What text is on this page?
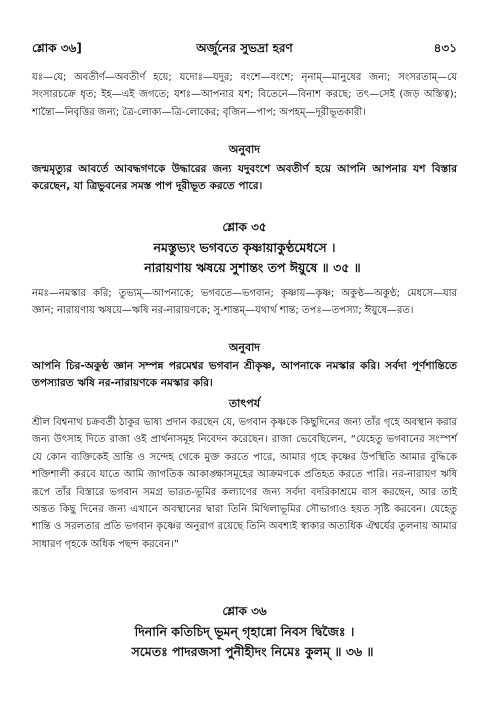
শ্লোক ৩৬]	অর্জুনের সুভদ্রা হরণ	৪৩১
যঃ—যে; অবতীর্ণ—অবতীর্ণ হয়ে; যদোঃ—যদুর; বংশে—বংশে; নৃনাম্—মানুষের জন্য; সংসরতাম্—যে সংসারচক্রে ধৃত; ইহ—এই জগতে; যশঃ—আপনার যশ; বিতেনে—বিনাশ করছে; তৎ—সেই (জড় অস্তিত্ব); শান্ত্যৈ—নিবৃত্তির জন্য; ত্রৈ-লোক্য—ত্রি-লোকের; বৃজিন—পাপ; অপহম্—দূরীভূতকারী।
অনুবাদ
জন্মমৃত্যুর আবর্তে আবদ্ধগণকে উদ্ধারের জন্য যদুবংশে অবতীর্ণ হয়ে আপনি আপনার যশ বিস্তার করেছেন, যা ত্রিভুবনের সমস্ত পাপ দূরীভূত করতে পারে।
শ্লোক ৩৫
নমস্তুভ্যং ভগবতে কৃষ্ণায়াকুণ্ঠমেধসে ।
নারায়ণায় ঋষয়ে সুশান্তং তপ ঈয়ুষে ॥ ৩৫ ॥
নমঃ—নমস্কার করি; তুভ্যম্—আপনাকে; ভগবতে—ভগবান; কৃষ্ণায়—কৃষ্ণ; অকুণ্ঠ—অকুণ্ঠ; মেধসে—যার জ্ঞান; নারায়ণায় ঋষয়ে—ঋষি নর-নারায়ণকে; সু-শান্তম্—যথার্থ শান্ত; তপঃ—তপস্যা; ঈয়ুষে—রত।
অনুবাদ
আপনি চির-অকুণ্ঠ জ্ঞান সম্পন্ন পরমেশ্বর ভগবান শ্রীকৃষ্ণ, আপনাকে নমস্কার করি। সর্বদা পূর্ণশান্তিতে তপস্যারত ঋষি নর-নারায়ণকে নমস্কার করি।
তাৎপর্য
শ্রীল বিশ্বনাথ চক্রবর্তী ঠাকুর ভাষ্য প্রদান করছেন যে, ভগবান কৃষ্ণকে কিছুদিনের জন্য তাঁর গৃহে অবস্থান করার জন্য উৎসাহ দিতে রাজা ওই প্রার্থনাসমূহ নিবেদন করেছেন। রাজা ভেবেছিলেন, “যেহেতু ভগবানের সংস্পর্শ যে কোন ব্যক্তিকেই ভ্রান্তি ও সন্দেহ থেকে মুক্ত করতে পারে, আমার গৃহে কৃষ্ণের উপস্থিতি আমার বুদ্ধিকে শক্তিশালী করবে যাতে আমি জাগতিক আকাঙ্ক্ষাসমূহের আক্রমণকে প্রতিহত করতে পারি। নর-নারায়ণ ঋষি রূপে তাঁর বিস্তারে ভগবান সমগ্র ভারত-ভূমির কল্যাণের জন্য সর্বদা বদরিকাশ্রমে বাস করছেন, আর তাই অন্তত কিছু দিনের জন্য এখানে অবস্থানের দ্বারা তিনি মিথিলাভূমির সৌভাগ্যও হয়ত সৃষ্টি করবেন। যেহেতু শান্তি ও সরলতার প্রতি ভগবান কৃষ্ণের অনুরাগ রয়েছে তিনি অবশ্যই স্বাকার অত্যধিক ঐশ্বর্যের তুলনায় আমার সাধারণ গৃহকে অধিক পছন্দ করবেন।”
শ্লোক ৩৬
দিনানি কতিচিদ্ ভূমন্ গৃহান্নো নিবস দ্বিজৈঃ ।
সমেতঃ পাদরজসা পুনীহীদং নিমেঃ কুলম্ ॥ ৩৬ ॥
